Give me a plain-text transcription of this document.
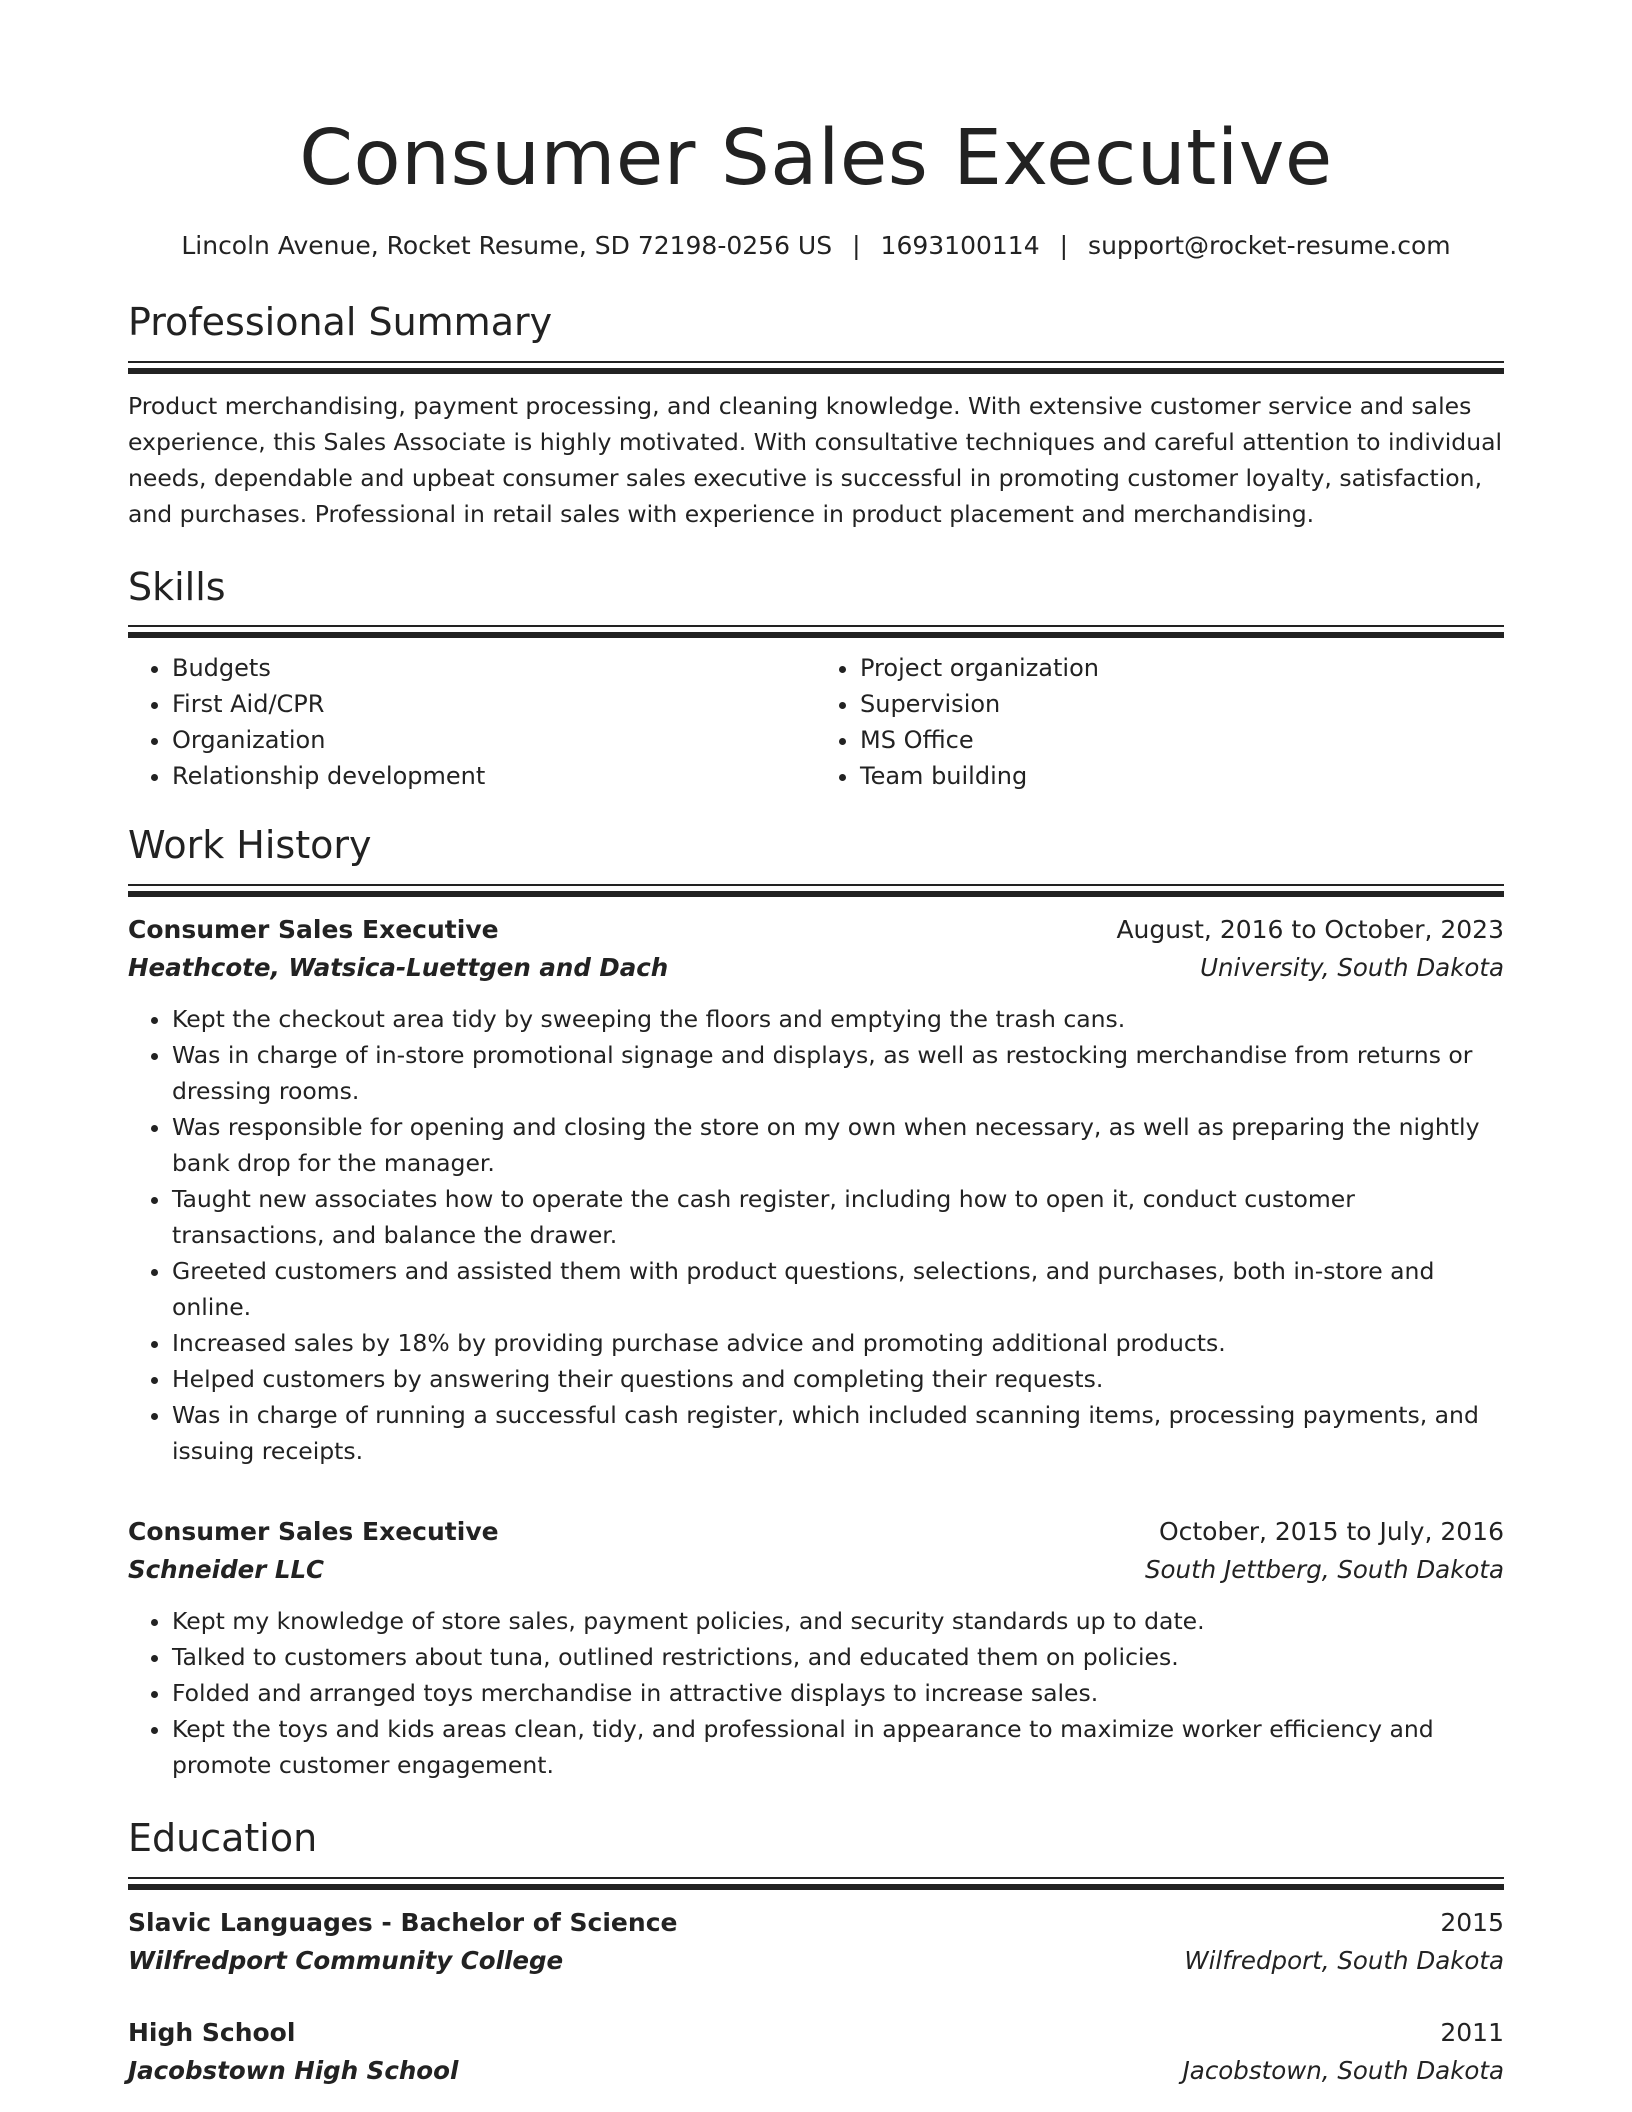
Consumer Sales Executive
Lincoln Avenue, Rocket Resume, SD 72198-0256 US | 1693100114 | support@rocket-resume.com
Professional Summary
Product merchandising, payment processing, and cleaning knowledge. With extensive customer service and sales experience, this Sales Associate is highly motivated. With consultative techniques and careful attention to individual needs, dependable and upbeat consumer sales executive is successful in promoting customer loyalty, satisfaction, and purchases. Professional in retail sales with experience in product placement and merchandising.
Skills
• Budgets
• First Aid/CPR
• Organization
• Relationship development
• Project organization
• Supervision
• MS Office
• Team building
Work History
Consumer Sales Executive	August, 2016 to October, 2023
Heathcote, Watsica-Luettgen and Dach	University, South Dakota
• Kept the checkout area tidy by sweeping the floors and emptying the trash cans.
• Was in charge of in-store promotional signage and displays, as well as restocking merchandise from returns or dressing rooms.
• Was responsible for opening and closing the store on my own when necessary, as well as preparing the nightly bank drop for the manager.
• Taught new associates how to operate the cash register, including how to open it, conduct customer transactions, and balance the drawer.
• Greeted customers and assisted them with product questions, selections, and purchases, both in-store and online.
• Increased sales by 18% by providing purchase advice and promoting additional products.
• Helped customers by answering their questions and completing their requests.
• Was in charge of running a successful cash register, which included scanning items, processing payments, and issuing receipts.
Consumer Sales Executive	October, 2015 to July, 2016
Schneider LLC	South Jettberg, South Dakota
• Kept my knowledge of store sales, payment policies, and security standards up to date.
• Talked to customers about tuna, outlined restrictions, and educated them on policies.
• Folded and arranged toys merchandise in attractive displays to increase sales.
• Kept the toys and kids areas clean, tidy, and professional in appearance to maximize worker efficiency and promote customer engagement.
Education
Slavic Languages - Bachelor of Science	2015
Wilfredport Community College	Wilfredport, South Dakota
High School	2011
Jacobstown High School	Jacobstown, South Dakota
